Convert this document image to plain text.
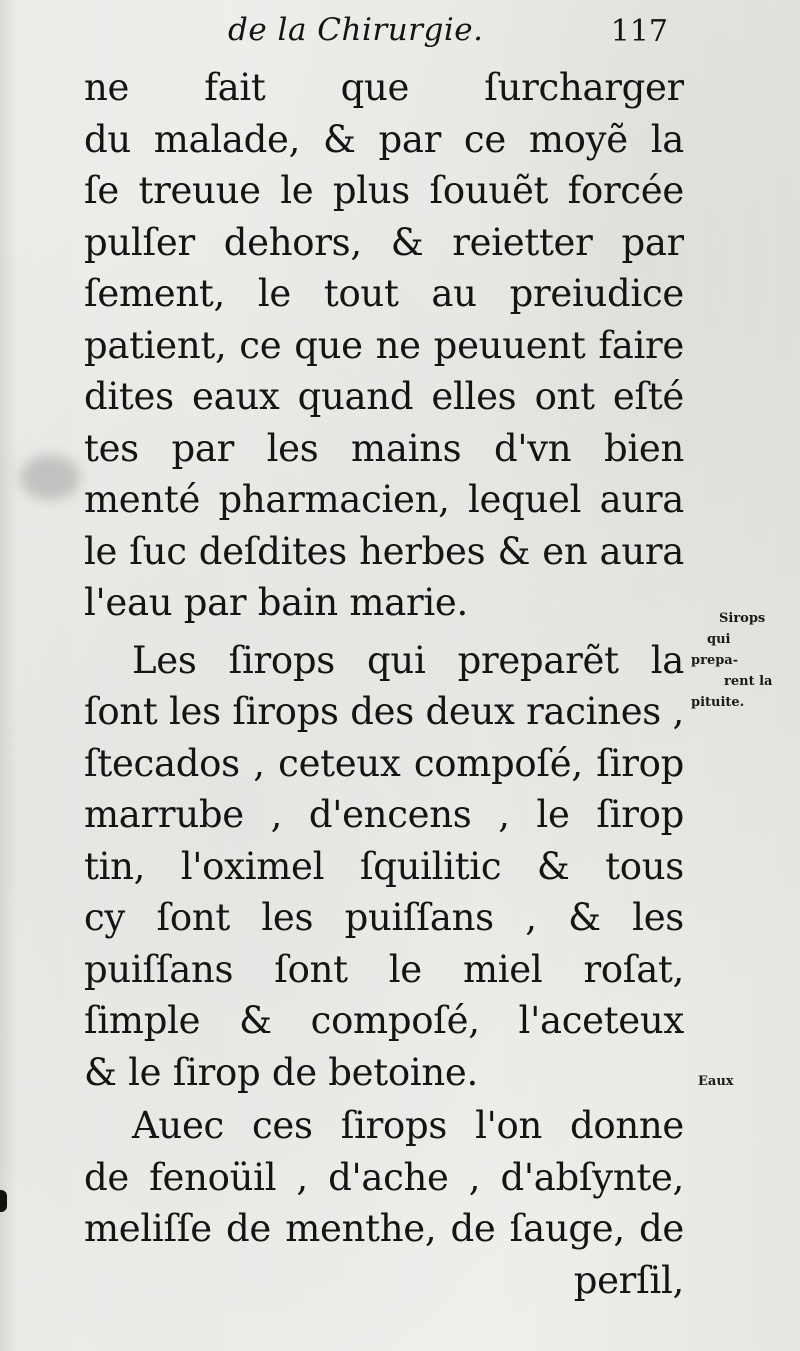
de la Chirurgie.	117
ne fait que ſurcharger
du malade, & par ce moyẽ la
ſe treuue le plus ſouuẽt forcée
pulſer dehors, & reietter par
ſement, le tout au preiudice
patient, ce que ne peuuent faire
dites eaux quand elles ont eſté
tes par les mains d'vn bien
menté pharmacien, lequel aura
le ſuc deſdites herbes & en aura
l'eau par bain marie.
Les ſirops qui preparẽt la
ſont les ſirops des deux racines ,
ſtecados , ceteux compoſé, ſirop
marrube , d'encens , le ſirop
tin, l'oximel ſquilitic & tous
cy ſont les puiſſans , & les
puiſſans ſont le miel roſat,
ſimple & compoſé, l'aceteux
& le ſirop de betoine.
Auec ces ſirops l'on donne
de fenoüil , d'ache , d'abſynte,
meliſſe de menthe, de ſauge, de
perſil,
Sirops
qui
prepa-
rent la
pituite.
Eaux
